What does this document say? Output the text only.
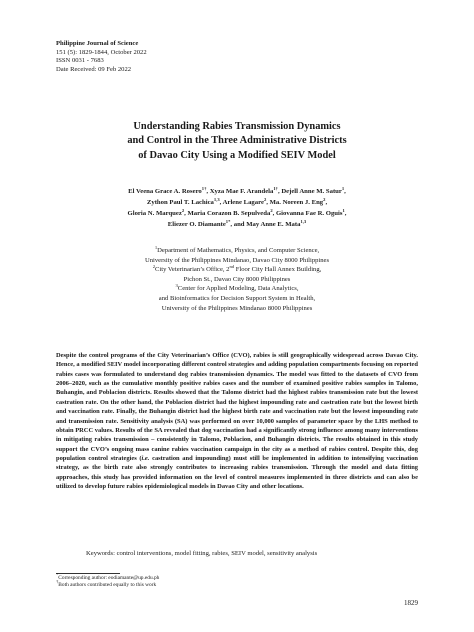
Philippine Journal of Science
151 (5): 1829-1844, October 2022
ISSN 0031 - 7683
Date Received: 09 Feb 2022
Understanding Rabies Transmission Dynamics
and Control in the Three Administrative Districts
of Davao City Using a Modified SEIV Model
El Veena Grace A. Rosero$^{1\dagger}$, Xyza Mae F. Arandela$^{1\dagger}$, Dejell Anne M. Satur$^1$,
Zython Paul T. Lachica$^{1,3}$, Arlene Lagare$^2$, Ma. Noreen J. Eng$^2$,
Gloria N. Marquez$^2$, Maria Corazon B. Sepulveda$^2$, Giovanna Fae R. Oguis$^1$,
Eliezer O. Diamante$^{1*}$, and May Anne E. Mata$^{1,3}$
$^1$Department of Mathematics, Physics, and Computer Science,
University of the Philippines Mindanao, Davao City 8000 Philippines
$^2$City Veterinarian’s Office, 2nd Floor City Hall Annex Building,
Pichon St., Davao City 8000 Philippines
$^3$Center for Applied Modeling, Data Analytics,
and Bioinformatics for Decision Support System in Health,
University of the Philippines Mindanao 8000 Philippines

Despite the control programs of the City Veterinarian’s Office (CVO), rabies is still geographically widespread across Davao City. Hence, a modified SEIV model incorporating different control strategies and adding population compartments focusing on reported rabies cases was formulated to understand dog rabies transmission dynamics. The model was fitted to the datasets of CVO from 2006–2020, such as the cumulative monthly positive rabies cases and the number of examined positive rabies samples in Talomo, Buhangin, and Poblacion districts. Results showed that the Talomo district had the highest rabies transmission rate but the lowest castration rate. On the other hand, the Poblacion district had the highest impounding rate and castration rate but the lowest birth and vaccination rate. Finally, the Buhangin district had the highest birth rate and vaccination rate but the lowest impounding rate and transmission rate. Sensitivity analysis (SA) was performed on over 10,000 samples of parameter space by the LHS method to obtain PRCC values. Results of the SA revealed that dog vaccination had a significantly strong influence among many interventions in mitigating rabies transmission – consistently in Talomo, Poblacion, and Buhangin districts. The results obtained in this study support the CVO’s ongoing mass canine rabies vaccination campaign in the city as a method of rabies control. Despite this, dog population control strategies (i.e. castration and impounding) must still be implemented in addition to intensifying vaccination strategy, as the birth rate also strongly contributes to increasing rabies transmission. Through the model and data fitting approaches, this study has provided information on the level of control measures implemented in three districts and can also be utilized to develop future rabies epidemiological models in Davao City and other locations.

Keywords: control interventions, model fitting, rabies, SEIV model, sensitivity analysis
*Corresponding author: eodiamante@up.edu.ph
†Both authors contributed equally to this work
1829
